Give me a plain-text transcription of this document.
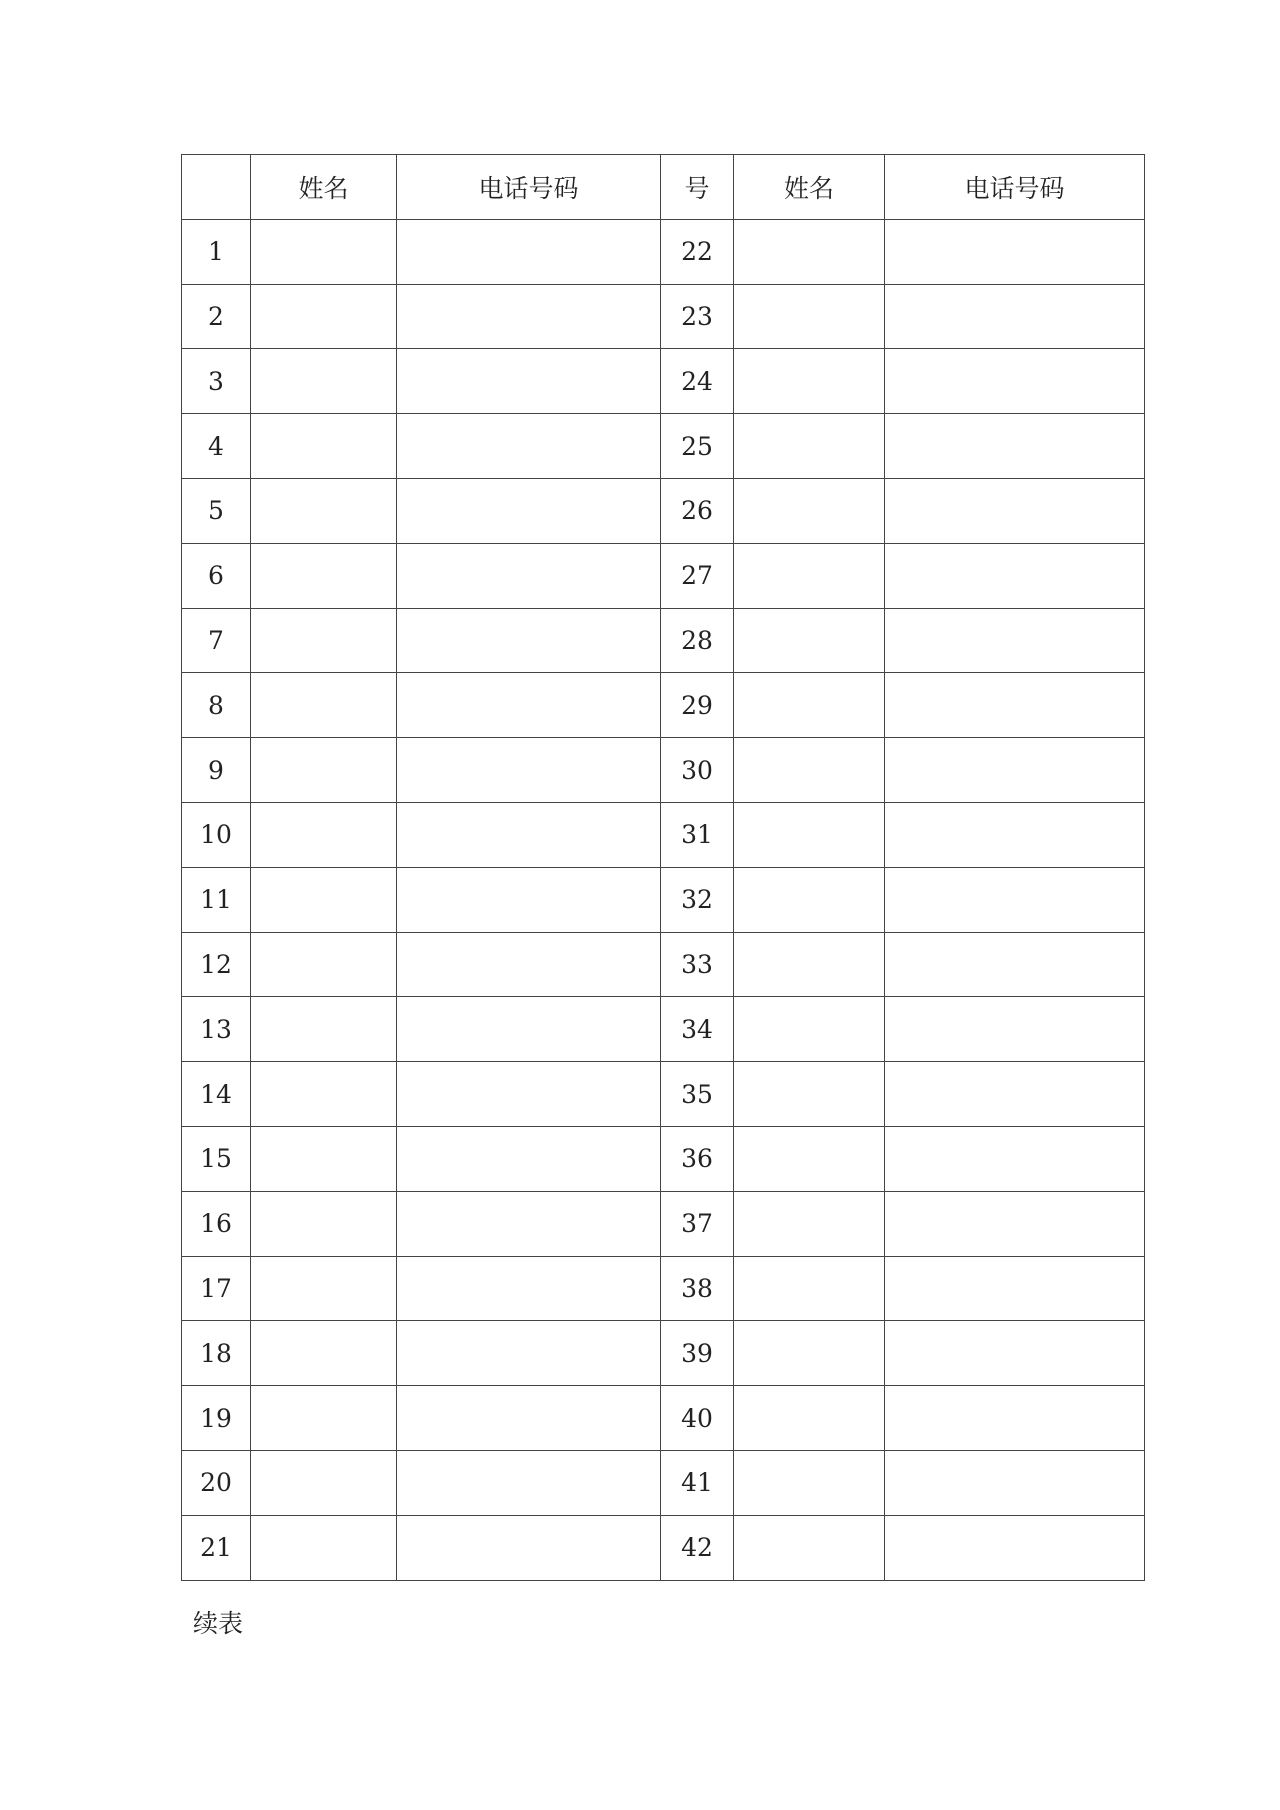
	姓名	电话号码	号	姓名	电话号码
1			22		
2			23		
3			24		
4			25		
5			26		
6			27		
7			28		
8			29		
9			30		
10			31		
11			32		
12			33		
13			34		
14			35		
15			36		
16			37		
17			38		
18			39		
19			40		
20			41		
21			42		
续表
